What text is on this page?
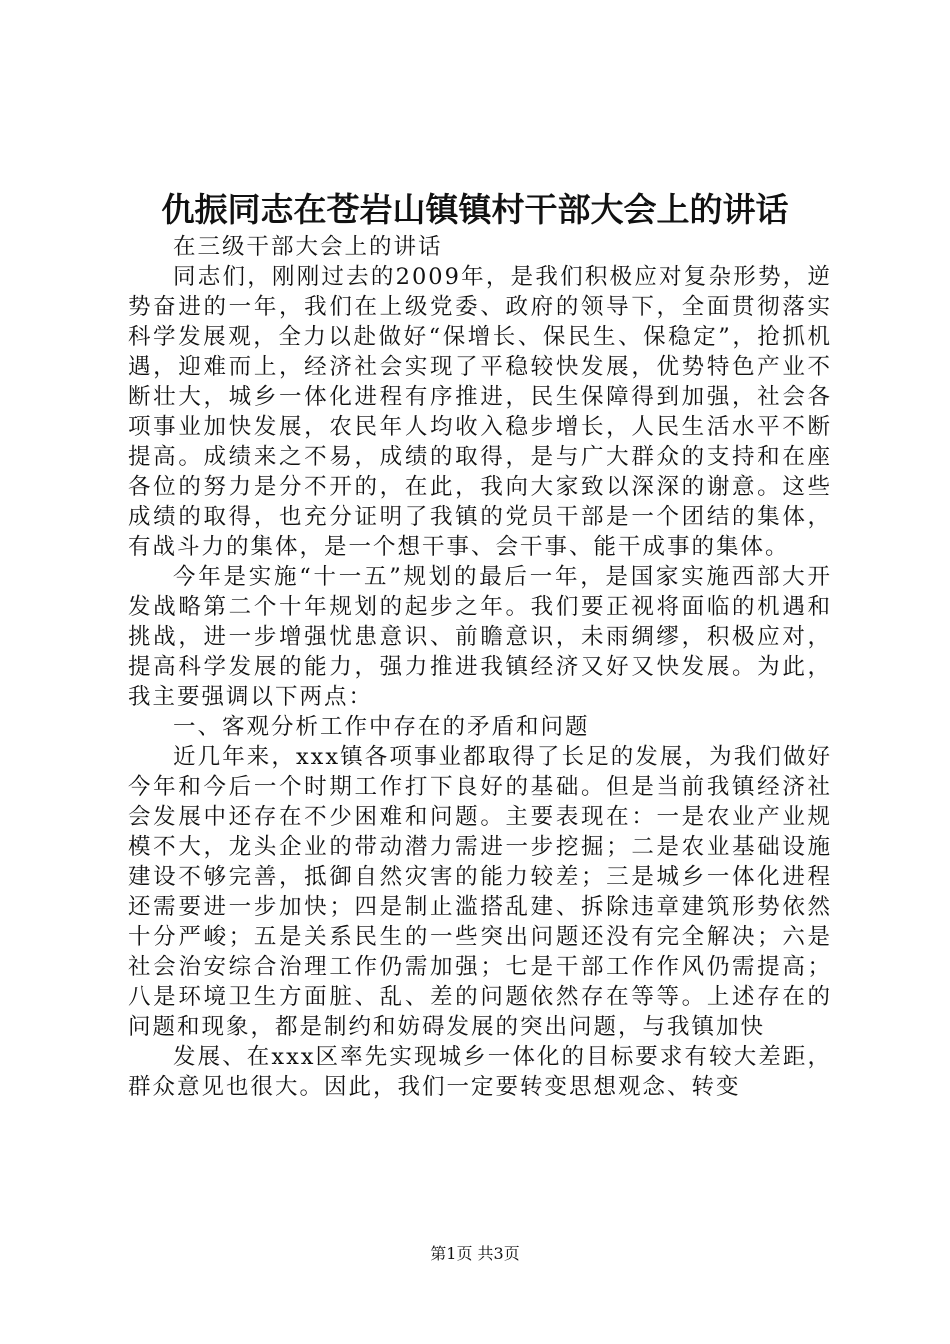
仇振同志在苍岩山镇镇村干部大会上的讲话

在三级干部大会上的讲话

同志们，刚刚过去的2009年，是我们积极应对复杂形势，逆势奋进的一年，我们在上级党委、政府的领导下，全面贯彻落实科学发展观，全力以赴做好“保增长、保民生、保稳定”，抢抓机遇，迎难而上，经济社会实现了平稳较快发展，优势特色产业不断壮大，城乡一体化进程有序推进，民生保障得到加强，社会各项事业加快发展，农民年人均收入稳步增长，人民生活水平不断提高。成绩来之不易，成绩的取得，是与广大群众的支持和在座各位的努力是分不开的，在此，我向大家致以深深的谢意。这些成绩的取得，也充分证明了我镇的党员干部是一个团结的集体，有战斗力的集体，是一个想干事、会干事、能干成事的集体。

今年是实施“十一五”规划的最后一年，是国家实施西部大开发战略第二个十年规划的起步之年。我们要正视将面临的机遇和挑战，进一步增强忧患意识、前瞻意识，未雨绸缪，积极应对，提高科学发展的能力，强力推进我镇经济又好又快发展。为此，我主要强调以下两点：

一、客观分析工作中存在的矛盾和问题

近几年来，xxx镇各项事业都取得了长足的发展，为我们做好今年和今后一个时期工作打下良好的基础。但是当前我镇经济社会发展中还存在不少困难和问题。主要表现在：一是农业产业规模不大，龙头企业的带动潜力需进一步挖掘；二是农业基础设施建设不够完善，抵御自然灾害的能力较差；三是城乡一体化进程还需要进一步加快；四是制止滥搭乱建、拆除违章建筑形势依然十分严峻；五是关系民生的一些突出问题还没有完全解决；六是社会治安综合治理工作仍需加强；七是干部工作作风仍需提高；八是环境卫生方面脏、乱、差的问题依然存在等等。上述存在的问题和现象，都是制约和妨碍发展的突出问题，与我镇加快

发展、在xxx区率先实现城乡一体化的目标要求有较大差距，群众意见也很大。因此，我们一定要转变思想观念、转变

第1页 共3页
